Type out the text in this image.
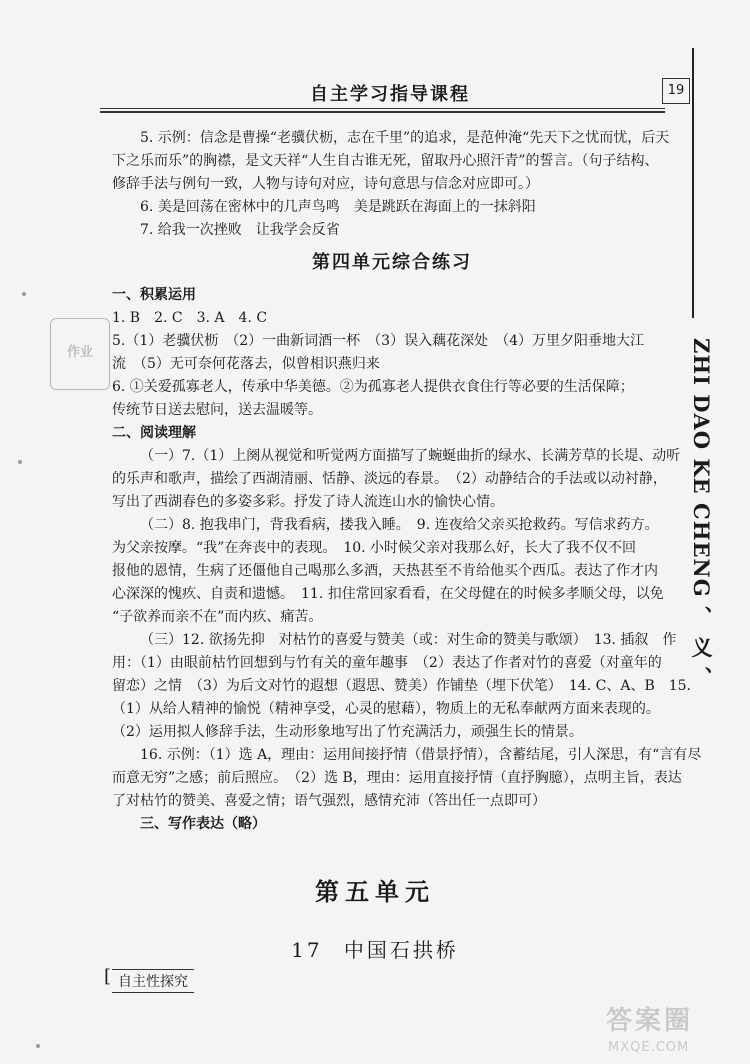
自主学习指导课程	19
ZHI DAO KE CHENG 、 义 、
作业
5. 示例：信念是曹操“老骥伏枥，志在千里”的追求，是范仲淹“先天下之忧而忧，后天
下之乐而乐”的胸襟，是文天祥“人生自古谁无死，留取丹心照汗青”的誓言。（句子结构、
修辞手法与例句一致，人物与诗句对应，诗句意思与信念对应即可。）
6. 美是回荡在密林中的几声鸟鸣　美是跳跃在海面上的一抹斜阳
7. 给我一次挫败　让我学会反省
第四单元综合练习
一、积累运用
1. B　2. C　3. A　4. C
5.（1）老骥伏枥　（2）一曲新词酒一杯　（3）误入藕花深处　（4）万里夕阳垂地大江
流　（5）无可奈何花落去，似曾相识燕归来
6. ①关爱孤寡老人，传承中华美德。②为孤寡老人提供衣食住行等必要的生活保障；
传统节日送去慰问，送去温暖等。
二、阅读理解
（一）7.（1）上阕从视觉和听觉两方面描写了蜿蜒曲折的绿水、长满芳草的长堤、动听
的乐声和歌声，描绘了西湖清丽、恬静、淡远的春景。　（2）动静结合的手法或以动衬静，
写出了西湖春色的多姿多彩。抒发了诗人流连山水的愉快心情。
（二）8. 抱我串门，背我看病，搂我入睡。　9. 连夜给父亲买抢救药。写信求药方。
为父亲按摩。“我”在奔丧中的表现。　10. 小时候父亲对我那么好，长大了我不仅不回
报他的恩情，生病了还僵他自己喝那么多酒，天热甚至不肯给他买个西瓜。表达了作才内
心深深的愧疚、自责和遗憾。　11. 扣住常回家看看，在父母健在的时候多孝顺父母，以免
“子欲养而亲不在”而内疚、痛苦。
（三）12. 欲扬先抑　对枯竹的喜爱与赞美（或：对生命的赞美与歌颂）　13. 插叙　作
用：（1）由眼前枯竹回想到与竹有关的童年趣事　（2）表达了作者对竹的喜爱（对童年的
留恋）之情　（3）为后文对竹的遐想（遐思、赞美）作铺垫（埋下伏笔）　14. C、A、B　15.
（1）从给人精神的愉悦（精神享受，心灵的慰藉），物质上的无私奉献两方面来表现的。
（2）运用拟人修辞手法，生动形象地写出了竹充满活力，顽强生长的情景。
16. 示例：（1）选 A，理由：运用间接抒情（借景抒情），含蓄结尾，引人深思，有“言有尽
而意无穷”之感；前后照应。　（2）选 B，理由：运用直接抒情（直抒胸臆），点明主旨，表达
了对枯竹的赞美、喜爱之情；语气强烈，感情充沛（答出任一点即可）
三、写作表达（略）
第五单元
17 中国石拱桥
[ 自主性探究
答案圈
MXQE.COM
